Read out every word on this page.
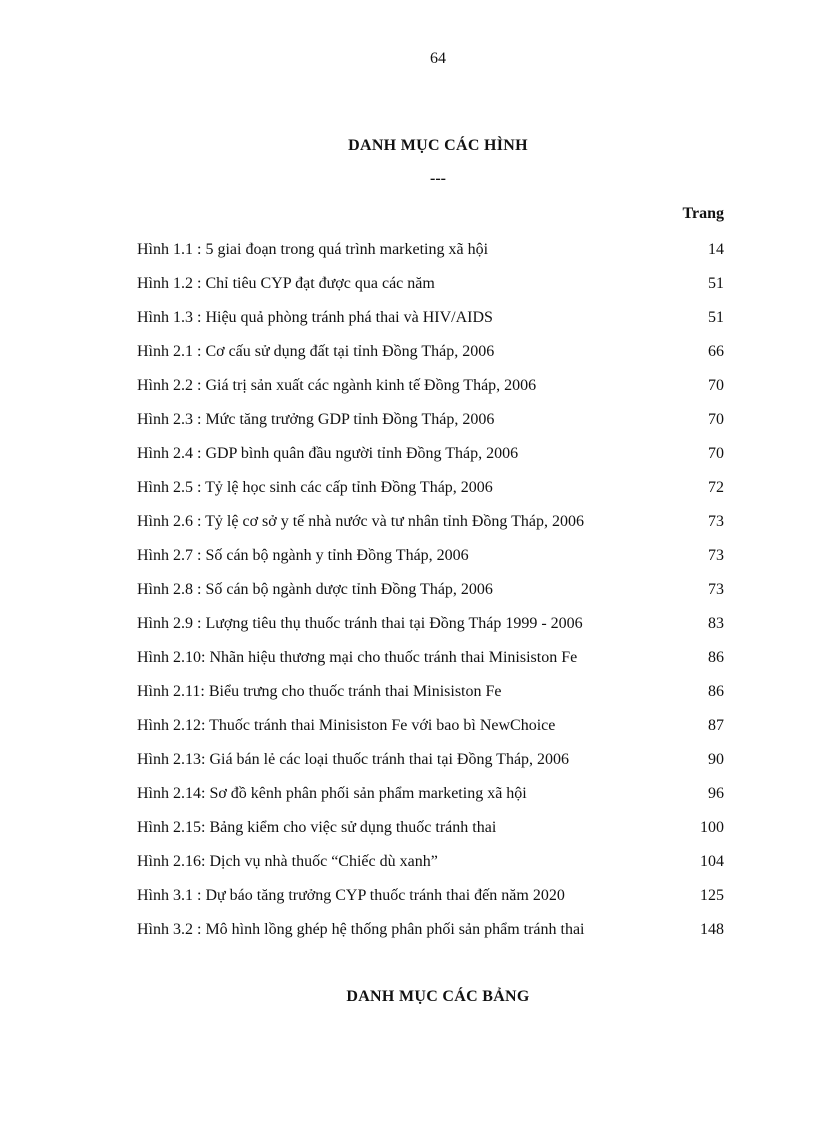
64
DANH MỤC CÁC HÌNH
---
Trang
Hình 1.1 : 5 giai đoạn trong quá trình marketing xã hội	14
Hình 1.2 : Chỉ tiêu CYP đạt được qua các năm	51
Hình 1.3 : Hiệu quả phòng tránh phá thai và HIV/AIDS	51
Hình 2.1 : Cơ cấu sử dụng đất tại tỉnh Đồng Tháp, 2006	66
Hình 2.2 : Giá trị sản xuất các ngành kinh tế Đồng Tháp, 2006	70
Hình 2.3 : Mức tăng trưởng GDP tỉnh Đồng Tháp, 2006	70
Hình 2.4 : GDP bình quân đầu người tỉnh Đồng Tháp, 2006	70
Hình 2.5 : Tỷ lệ học sinh các cấp tỉnh Đồng Tháp, 2006	72
Hình 2.6 : Tỷ lệ cơ sở y tế nhà nước và tư nhân tỉnh Đồng Tháp, 2006	73
Hình 2.7 : Số cán bộ ngành y tỉnh Đồng Tháp, 2006	73
Hình 2.8 : Số cán bộ ngành dược tỉnh Đồng Tháp, 2006	73
Hình 2.9 : Lượng tiêu thụ thuốc tránh thai tại Đồng Tháp 1999 - 2006	83
Hình 2.10: Nhãn hiệu thương mại cho thuốc tránh thai Minisiston Fe	86
Hình 2.11: Biểu trưng cho thuốc tránh thai Minisiston Fe	86
Hình 2.12: Thuốc tránh thai Minisiston Fe với bao bì NewChoice	87
Hình 2.13: Giá bán lẻ các loại thuốc tránh thai tại Đồng Tháp, 2006	90
Hình 2.14: Sơ đồ kênh phân phối sản phẩm marketing xã hội	96
Hình 2.15: Bảng kiểm cho việc sử dụng thuốc tránh thai	100
Hình 2.16: Dịch vụ nhà thuốc “Chiếc dù xanh”	104
Hình 3.1 : Dự báo tăng trưởng CYP thuốc tránh thai đến năm 2020	125
Hình 3.2 : Mô hình lồng ghép hệ thống phân phối sản phẩm tránh thai	148
DANH MỤC CÁC BẢNG
